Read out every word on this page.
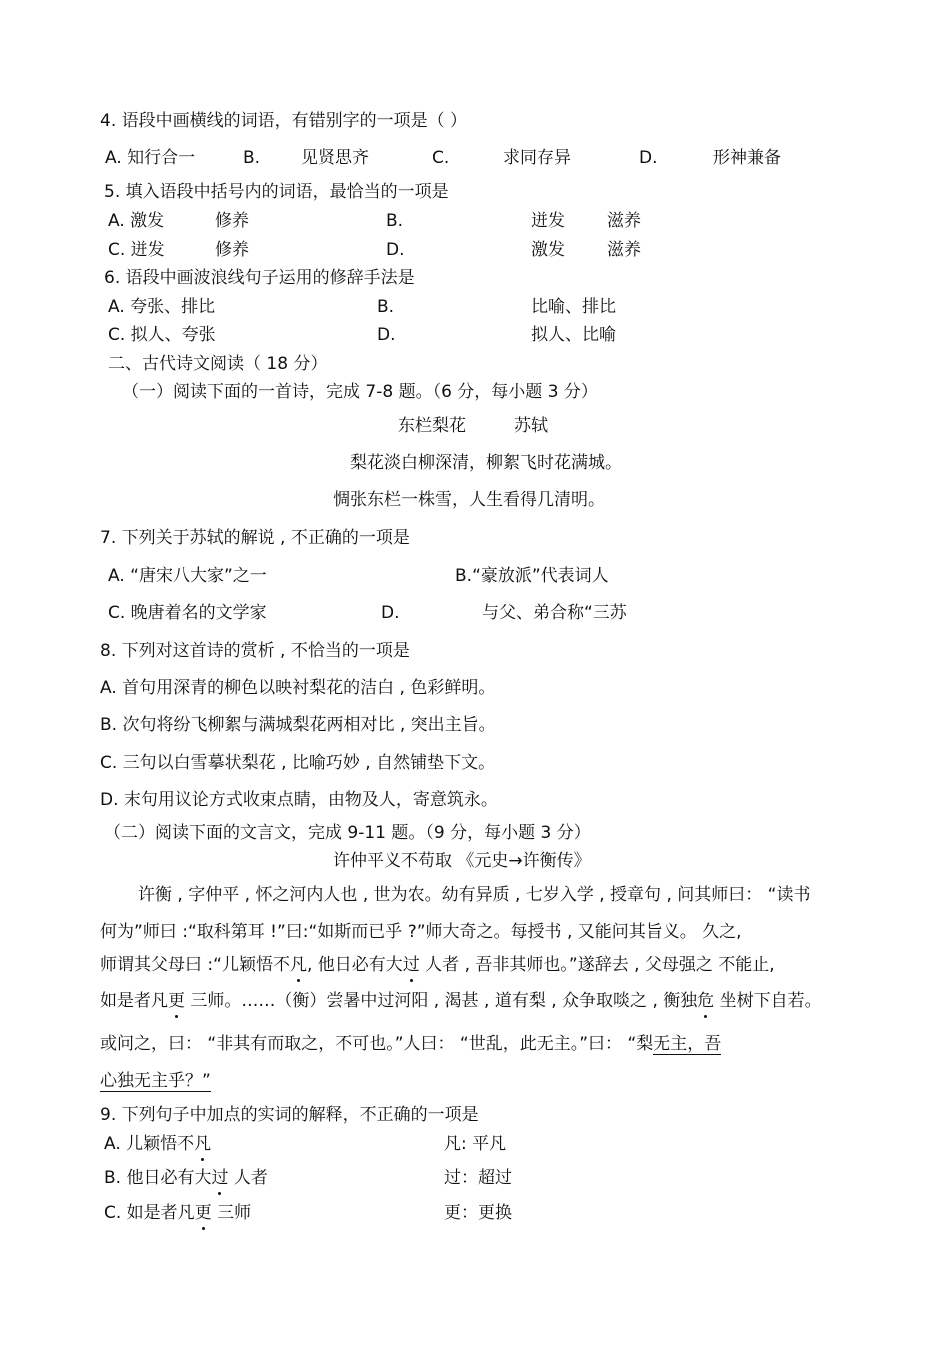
4. 语段中画横线的词语，有错别字的一项是（ ）
A. 知行合一	B. 见贤思齐	C.	求同存异	D.	形神兼备
5. 填入语段中括号内的词语，最恰当的一项是
A. 激发	修养	B.	迸发 滋养
C. 迸发	修养	D.	激发 滋养
6. 语段中画波浪线句子运用的修辞手法是
A. 夸张、排比	B.	比喻、排比
C. 拟人、夸张	D.	拟人、比喻
二、古代诗文阅读（ 18 分）
（一）阅读下面的一首诗，完成 7-8 题。（6 分，每小题 3 分）
东栏梨花	苏轼
梨花淡白柳深清，柳絮飞时花满城。
惆张东栏一株雪，人生看得几清明。
7. 下列关于苏轼的解说 , 不正确的一项是
A. “唐宋八大家”之一	B.“豪放派”代表词人
C. 晚唐着名的文学家	D.	与父、弟合称“三苏
8. 下列对这首诗的赏析 , 不恰当的一项是
A. 首句用深青的柳色以映衬梨花的洁白 , 色彩鲜明。
B. 次句将纷飞柳絮与满城梨花两相对比 , 突出主旨。
C. 三句以白雪摹状梨花 , 比喻巧妙 , 自然铺垫下文。
D. 末句用议论方式收束点睛，由物及人，寄意筑永。
（二）阅读下面的文言文，完成 9-11 题。（9 分，每小题 3 分）
许仲平义不苟取 《元史→许衡传》
许衡 , 字仲平 , 怀之河内人也 , 世为农。幼有异质 , 七岁入学 , 授章句 , 问其师曰： “读书
何为”师曰 :“取科第耳 !”曰:“如斯而已乎 ?”师大奇之。每授书 , 又能问其旨义。 久之,
师谓其父母曰 :“儿颖悟不凡, 他日必有大过 人者 , 吾非其师也。”遂辞去 , 父母强之 不能止,
如是者凡更 三师。……（衡）尝暑中过河阳 , 渴甚 , 道有梨 , 众争取啖之 , 衡独危 坐树下自若。
或问之，曰： “非其有而取之，不可也。”人曰： “世乱，此无主。”曰： “梨无主，吾
心独无主乎？”
9. 下列句子中加点的实词的解释，不正确的一项是
A. 儿颖悟不凡	凡: 平凡
B. 他日必有大过 人者	过：超过
C. 如是者凡更 三师	更：更换
